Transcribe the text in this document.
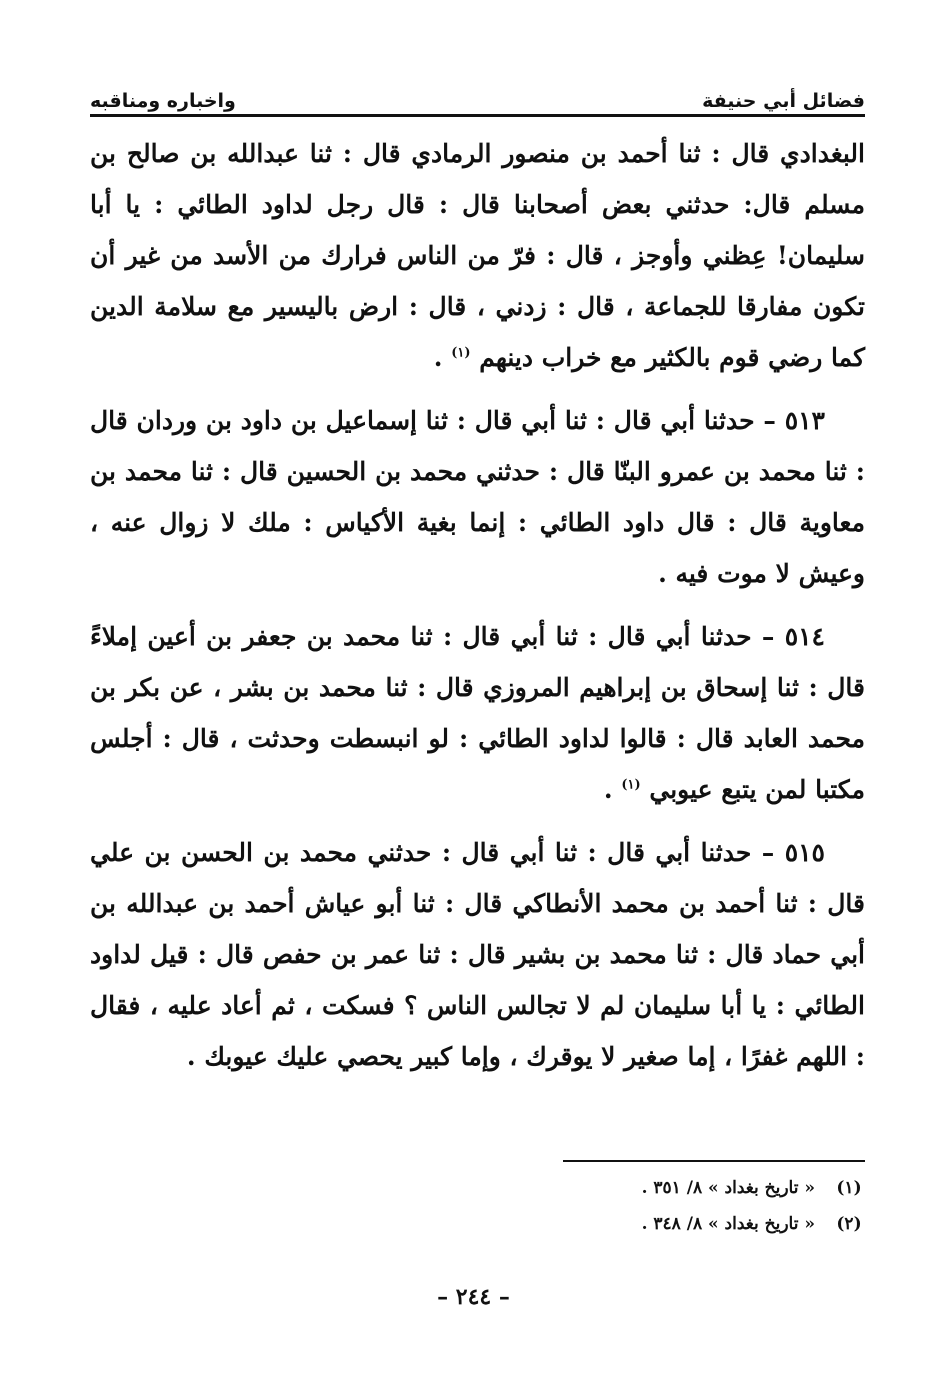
فضائل أبي حنيفة
واخباره ومناقبه

البغدادي قال : ثنا أحمد بن منصور الرمادي قال : ثنا عبدالله بن صالح بن مسلم قال: حدثني بعض أصحابنا قال : قال رجل لداود الطائي : يا أبا سليمان! عِظني وأوجز ، قال : فرّ من الناس فرارك من الأسد من غير أن تكون مفارقا للجماعة ، قال : زدني ، قال : ارض باليسير مع سلامة الدين كما رضي قوم بالكثير مع خراب دينهم $^{(١)}$ .

٥١٣ – حدثنا أبي قال : ثنا أبي قال : ثنا إسماعيل بن داود بن وردان قال : ثنا محمد بن عمرو البنّا قال : حدثني محمد بن الحسين قال : ثنا محمد بن معاوية قال : قال داود الطائي : إنما بغية الأكياس : ملك لا زوال عنه ، وعيش لا موت فيه .

٥١٤ – حدثنا أبي قال : ثنا أبي قال : ثنا محمد بن جعفر بن أعين إملاءً قال : ثنا إسحاق بن إبراهيم المروزي قال : ثنا محمد بن بشر ، عن بكر بن محمد العابد قال : قالوا لداود الطائي : لو انبسطت وحدثت ، قال : أجلس مكتبا لمن يتبع عيوبي $^{(١)}$ .

٥١٥ – حدثنا أبي قال : ثنا أبي قال : حدثني محمد بن الحسن بن علي قال : ثنا أحمد بن محمد الأنطاكي قال : ثنا أبو عياش أحمد بن عبدالله بن أبي حماد قال : ثنا محمد بن بشير قال : ثنا عمر بن حفص قال : قيل لداود الطائي : يا أبا سليمان لم لا تجالس الناس ؟ فسكت ، ثم أعاد عليه ، فقال : اللهم غفرًا ، إما صغير لا يوقرك ، وإما كبير يحصي عليك عيوبك .

(١)
« تاريخ بغداد » ٨/ ٣٥١ .
(٢)
« تاريخ بغداد » ٨/ ٣٤٨ .
– ٢٤٤ –
